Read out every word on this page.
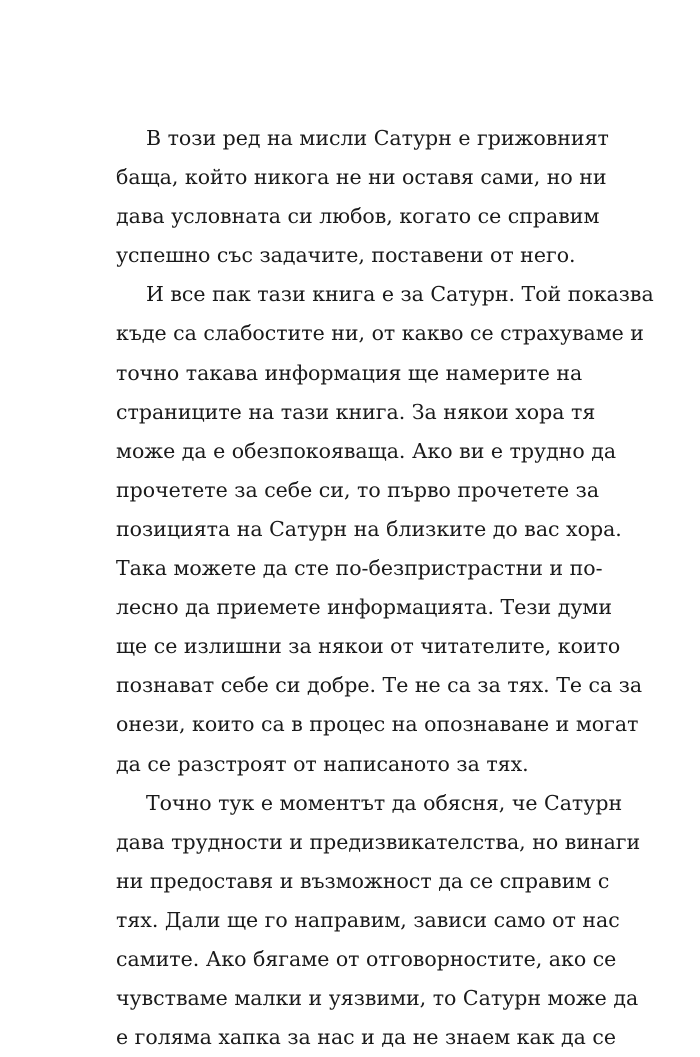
В този ред на мисли Сатурн е грижовният
баща, който никога не ни оставя сами, но ни
дава условната си любов, когато се справим
успешно със задачите, поставени от него.
И все пак тази книга е за Сатурн. Той показва
къде са слабостите ни, от какво се страхуваме и
точно такава информация ще намерите на
страниците на тази книга. За някои хора тя
може да е обезпокояваща. Ако ви е трудно да
прочетете за себе си, то първо прочетете за
позицията на Сатурн на близките до вас хора.
Така можете да сте по-безпристрастни и по-
лесно да приемете информацията. Тези думи
ще се излишни за някои от читателите, които
познават себе си добре. Те не са за тях. Те са за
онези, които са в процес на опознаване и могат
да се разстроят от написаното за тях.
Точно тук е моментът да обясня, че Сатурн
дава трудности и предизвикателства, но винаги
ни предоставя и възможност да се справим с
тях. Дали ще го направим, зависи само от нас
самите. Ако бягаме от отговорностите, ако се
чувстваме малки и уязвими, то Сатурн може да
е голяма хапка за нас и да не знаем как да се
